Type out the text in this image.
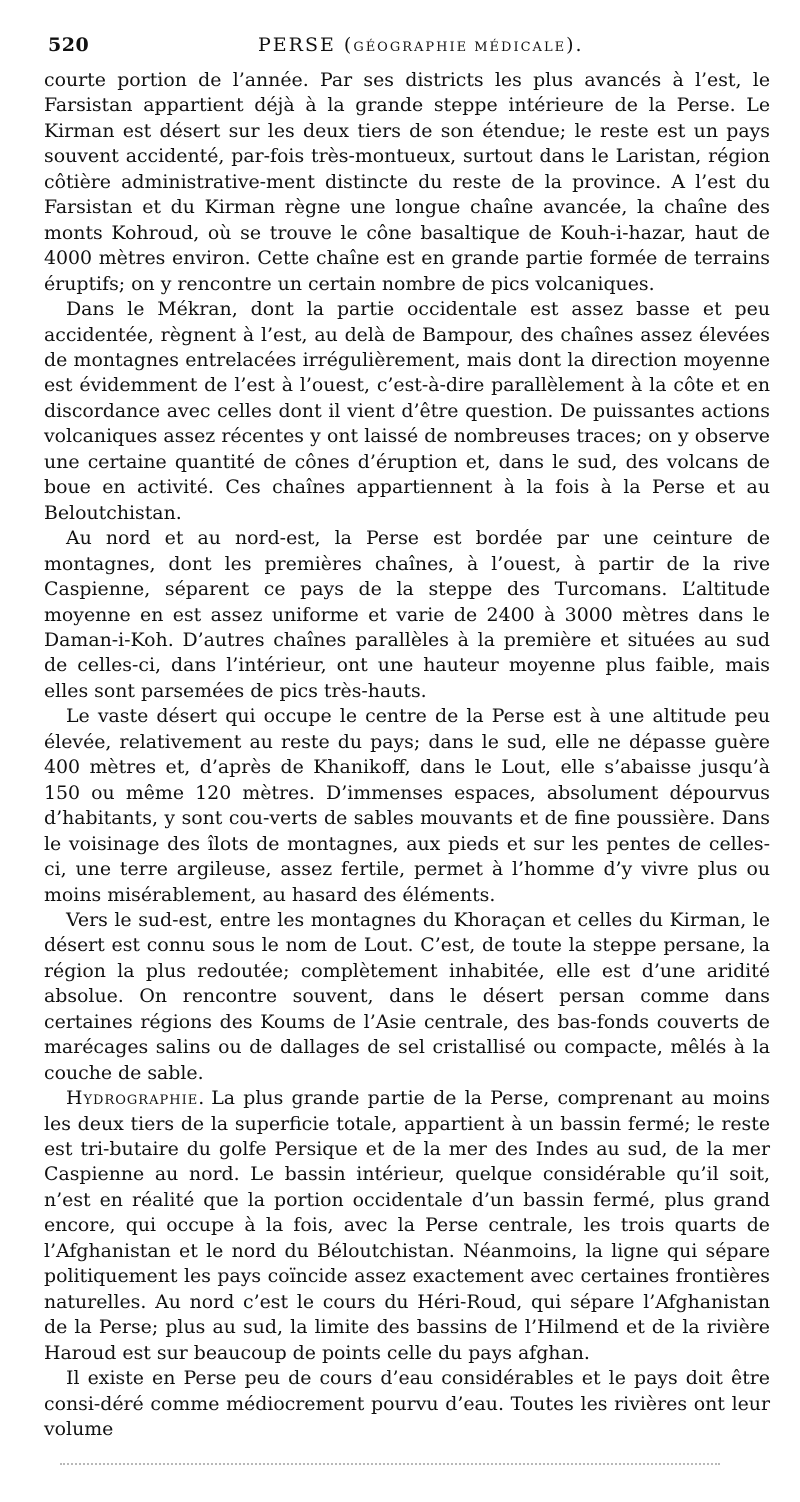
520	PERSE (GÉOGRAPHIE MÉDICALE).

courte portion de l’année. Par ses districts les plus avancés à l’est, le Farsistan appartient déjà à la grande steppe intérieure de la Perse. Le Kirman est désert sur les deux tiers de son étendue; le reste est un pays souvent accidenté, par-fois très-montueux, surtout dans le Laristan, région côtière administrative-ment distincte du reste de la province. A l’est du Farsistan et du Kirman règne une longue chaîne avancée, la chaîne des monts Kohroud, où se trouve le cône basaltique de Kouh-i-hazar, haut de 4000 mètres environ. Cette chaîne est en grande partie formée de terrains éruptifs; on y rencontre un certain nombre de pics volcaniques.

Dans le Mékran, dont la partie occidentale est assez basse et peu accidentée, règnent à l’est, au delà de Bampour, des chaînes assez élevées de montagnes entrelacées irrégulièrement, mais dont la direction moyenne est évidemment de l’est à l’ouest, c’est-à-dire parallèlement à la côte et en discordance avec celles dont il vient d’être question. De puissantes actions volcaniques assez récentes y ont laissé de nombreuses traces; on y observe une certaine quantité de cônes d’éruption et, dans le sud, des volcans de boue en activité. Ces chaînes appartiennent à la fois à la Perse et au Beloutchistan.

Au nord et au nord-est, la Perse est bordée par une ceinture de montagnes, dont les premières chaînes, à l’ouest, à partir de la rive Caspienne, séparent ce pays de la steppe des Turcomans. L’altitude moyenne en est assez uniforme et varie de 2400 à 3000 mètres dans le Daman-i-Koh. D’autres chaînes parallèles à la première et situées au sud de celles-ci, dans l’intérieur, ont une hauteur moyenne plus faible, mais elles sont parsemées de pics très-hauts.

Le vaste désert qui occupe le centre de la Perse est à une altitude peu élevée, relativement au reste du pays; dans le sud, elle ne dépasse guère 400 mètres et, d’après de Khanikoff, dans le Lout, elle s’abaisse jusqu’à 150 ou même 120 mètres. D’immenses espaces, absolument dépourvus d’habitants, y sont cou-verts de sables mouvants et de fine poussière. Dans le voisinage des îlots de montagnes, aux pieds et sur les pentes de celles-ci, une terre argileuse, assez fertile, permet à l’homme d’y vivre plus ou moins misérablement, au hasard des éléments.

Vers le sud-est, entre les montagnes du Khoraçan et celles du Kirman, le désert est connu sous le nom de Lout. C’est, de toute la steppe persane, la région la plus redoutée; complètement inhabitée, elle est d’une aridité absolue. On rencontre souvent, dans le désert persan comme dans certaines régions des Koums de l’Asie centrale, des bas-fonds couverts de marécages salins ou de dallages de sel cristallisé ou compacte, mêlés à la couche de sable.

Hydrographie. La plus grande partie de la Perse, comprenant au moins les deux tiers de la superficie totale, appartient à un bassin fermé; le reste est tri-butaire du golfe Persique et de la mer des Indes au sud, de la mer Caspienne au nord. Le bassin intérieur, quelque considérable qu’il soit, n’est en réalité que la portion occidentale d’un bassin fermé, plus grand encore, qui occupe à la fois, avec la Perse centrale, les trois quarts de l’Afghanistan et le nord du Béloutchistan. Néanmoins, la ligne qui sépare politiquement les pays coïncide assez exactement avec certaines frontières naturelles. Au nord c’est le cours du Héri-Roud, qui sépare l’Afghanistan de la Perse; plus au sud, la limite des bassins de l’Hilmend et de la rivière Haroud est sur beaucoup de points celle du pays afghan.

Il existe en Perse peu de cours d’eau considérables et le pays doit être consi-déré comme médiocrement pourvu d’eau. Toutes les rivières ont leur volume
